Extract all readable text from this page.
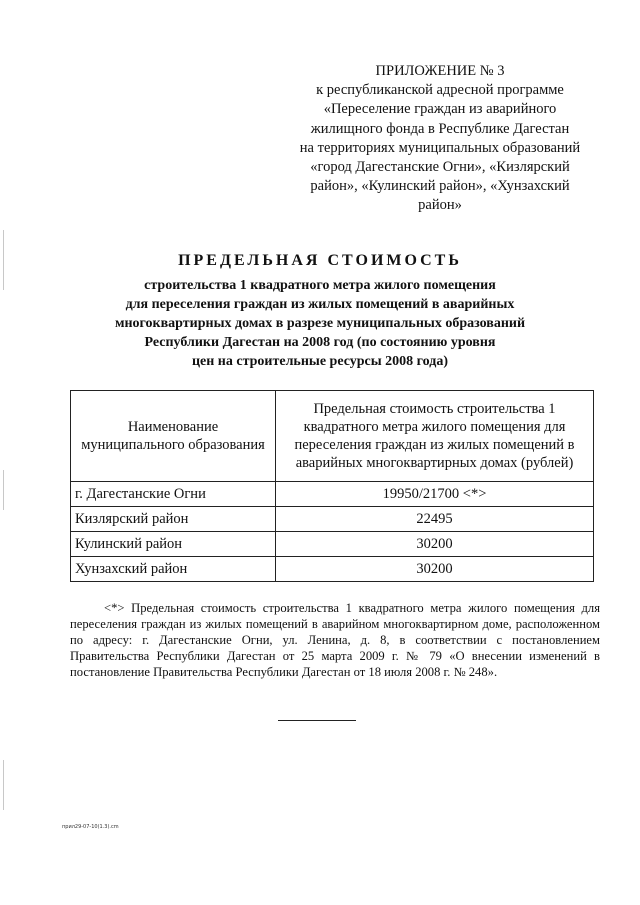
ПРИЛОЖЕНИЕ № 3
к республиканской адресной программе
«Переселение граждан из аварийного
жилищного фонда в Республике Дагестан
на территориях муниципальных образований
«город Дагестанские Огни», «Кизлярский
район», «Кулинский район», «Хунзахский
район»
ПРЕДЕЛЬНАЯ СТОИМОСТЬ
строительства 1 квадратного метра жилого помещения
для переселения граждан из жилых помещений в аварийных
многоквартирных домах в разрезе муниципальных образований
Республики Дагестан на 2008 год (по состоянию уровня
цен на строительные ресурсы 2008 года)
Наименование муниципального образования	Предельная стоимость строительства 1 квадратного метра жилого помещения для переселения граждан из жилых помещений в аварийных многоквартирных домах (рублей)
г. Дагестанские Огни	19950/21700 <*>
Кизлярский район	22495
Кулинский район	30200
Хунзахский район	30200
<*> Предельная стоимость строительства 1 квадратного метра жилого помещения для переселения граждан из жилых помещений в аварийном многоквартирном доме, расположенном по адресу: г. Дагестанские Огни, ул. Ленина, д. 8, в соответствии с постановлением Правительства Республики Дагестан от 25 марта 2009 г. № 79 «О внесении изменений в постановление Правительства Республики Дагестан от 18 июля 2008 г. № 248».
прил29-07-10(1.3).cm
